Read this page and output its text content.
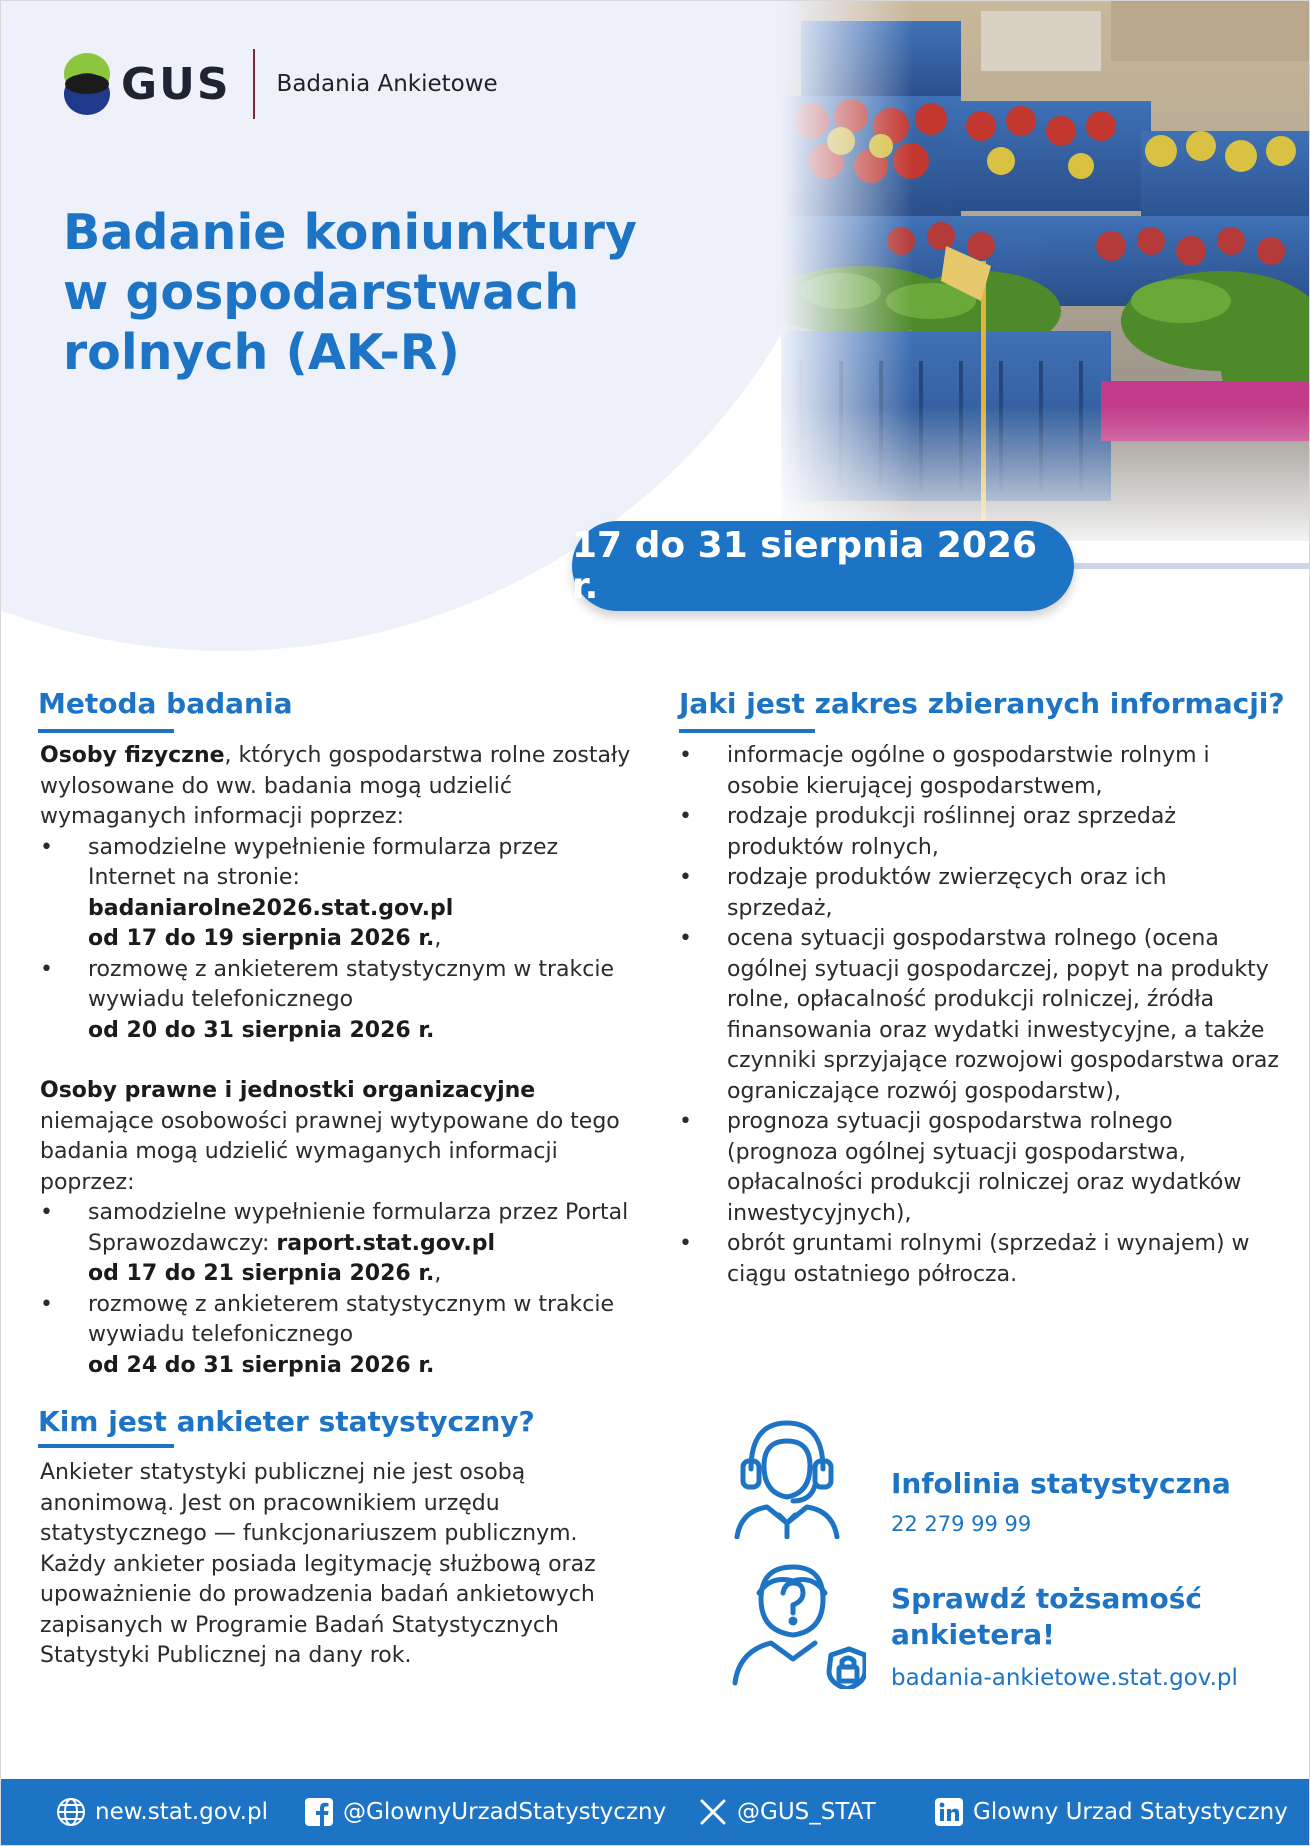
GUS Badania Ankietowe
Badanie koniunktury
w gospodarstwach
rolnych (AK-R)
17 do 31 sierpnia 2026 r.
Metoda badania
Osoby fizyczne, których gospodarstwa rolne zostały wylosowane do ww. badania mogą udzielić wymaganych informacji poprzez:
• samodzielne wypełnienie formularza przez Internet na stronie:
badaniarolne2026.stat.gov.pl
od 17 do 19 sierpnia 2026 r.,
• rozmowę z ankieterem statystycznym w trakcie wywiadu telefonicznego
od 20 do 31 sierpnia 2026 r.
Osoby prawne i jednostki organizacyjne niemające osobowości prawnej wytypowane do tego badania mogą udzielić wymaganych informacji poprzez:
• samodzielne wypełnienie formularza przez Portal Sprawozdawczy: raport.stat.gov.pl
od 17 do 21 sierpnia 2026 r.,
• rozmowę z ankieterem statystycznym w trakcie wywiadu telefonicznego
od 24 do 31 sierpnia 2026 r.
Jaki jest zakres zbieranych informacji?
• informacje ogólne o gospodarstwie rolnym i osobie kierującej gospodarstwem,
• rodzaje produkcji roślinnej oraz sprzedaż produktów rolnych,
• rodzaje produktów zwierzęcych oraz ich sprzedaż,
• ocena sytuacji gospodarstwa rolnego (ocena ogólnej sytuacji gospodarczej, popyt na produkty rolne, opłacalność produkcji rolniczej, źródła finansowania oraz wydatki inwestycyjne, a także czynniki sprzyjające rozwojowi gospodarstwa oraz ograniczające rozwój gospodarstw),
• prognoza sytuacji gospodarstwa rolnego (prognoza ogólnej sytuacji gospodarstwa, opłacalności produkcji rolniczej oraz wydatków inwestycyjnych),
• obrót gruntami rolnymi (sprzedaż i wynajem) w ciągu ostatniego półrocza.
Kim jest ankieter statystyczny?
Ankieter statystyki publicznej nie jest osobą anonimową. Jest on pracownikiem urzędu statystycznego — funkcjonariuszem publicznym. Każdy ankieter posiada legitymację służbową oraz upoważnienie do prowadzenia badań ankietowych zapisanych w Programie Badań Statystycznych Statystyki Publicznej na dany rok.
Infolinia statystyczna
22 279 99 99
Sprawdź tożsamość
ankietera!
badania-ankietowe.stat.gov.pl
new.stat.gov.pl	@GlownyUrzadStatystyczny	@GUS_STAT	Glowny Urzad Statystyczny
